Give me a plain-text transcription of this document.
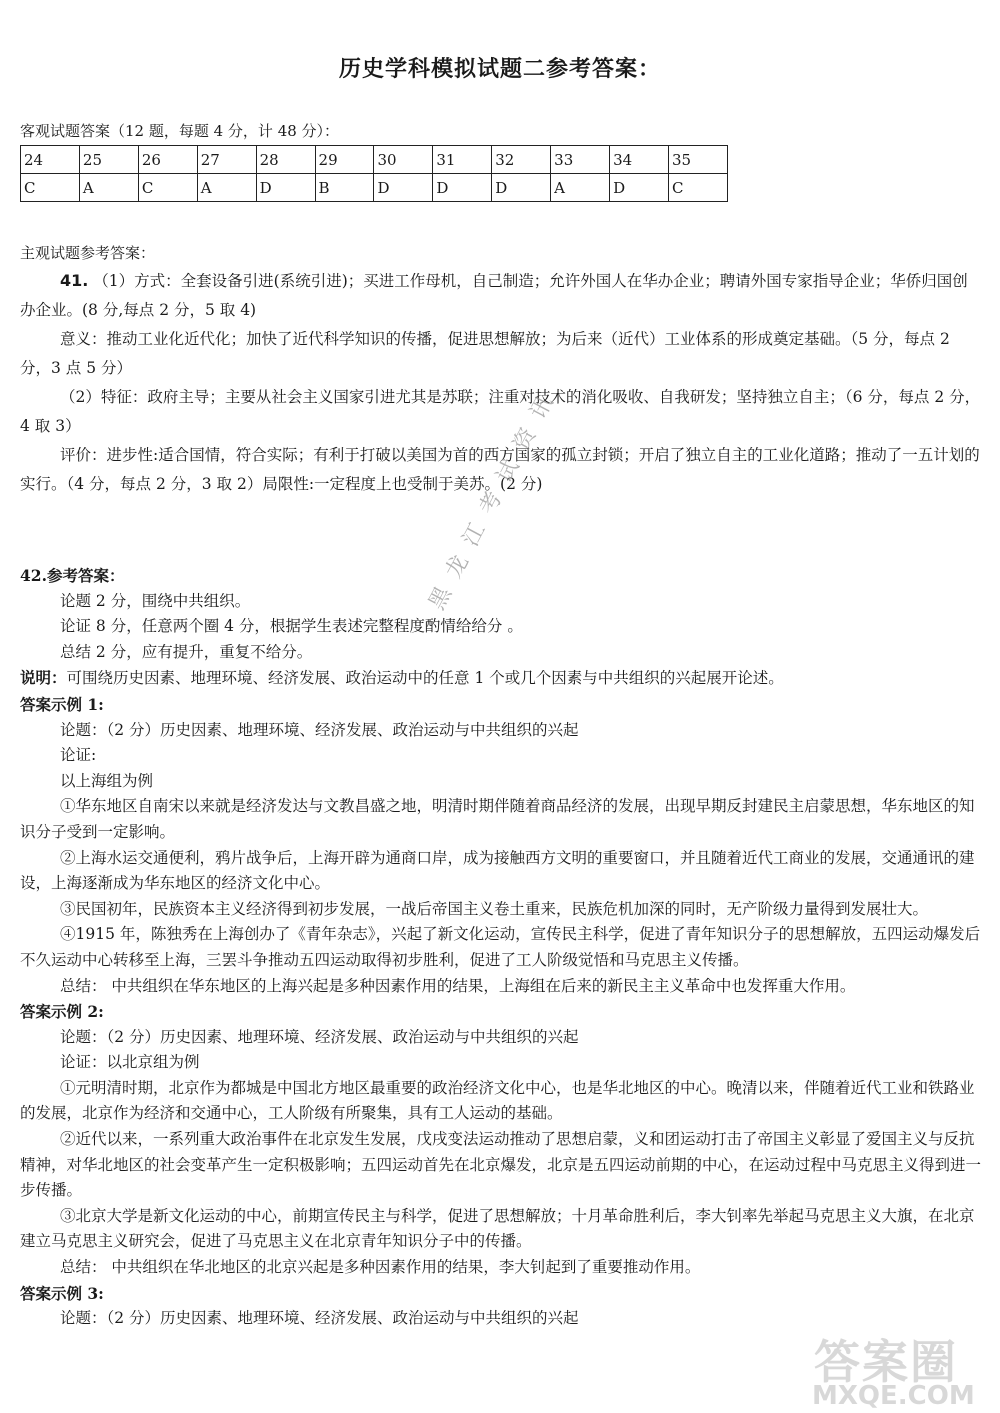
历史学科模拟试题二参考答案：
客观试题答案（12 题，每题 4 分，计 48 分）：
24	25	26	27	28	29	30	31	32	33	34	35
C	A	C	A	D	B	D	D	D	A	D	C
主观试题参考答案：

41. （1）方式：全套设备引进(系统引进)；买进工作母机，自己制造；允许外国人在华办企业；聘请外国专家指导企业；华侨归国创办企业。(8 分,每点 2 分，5 取 4)

意义：推动工业化近代化；加快了近代科学知识的传播，促进思想解放；为后来（近代）工业体系的形成奠定基础。（5 分，每点 2 分，3 点 5 分）

（2）特征：政府主导；主要从社会主义国家引进尤其是苏联；注重对技术的消化吸收、自我研发；坚持独立自主；（6 分，每点 2 分，4 取 3）

评价：进步性:适合国情，符合实际；有利于打破以美国为首的西方国家的孤立封锁；开启了独立自主的工业化道路；推动了一五计划的实行。（4 分，每点 2 分，3 取 2）局限性:一定程度上也受制于美苏。(2 分)

42.参考答案：

论题 2 分，围绕中共组织。

论证 8 分，任意两个圈 4 分，根据学生表述完整程度酌情给给分 。

总结 2 分，应有提升，重复不给分。

说明：可围绕历史因素、地理环境、经济发展、政治运动中的任意 1 个或几个因素与中共组织的兴起展开论述。

答案示例 1:

论题：（2 分）历史因素、地理环境、经济发展、政治运动与中共组织的兴起

论证:

以上海组为例

①华东地区自南宋以来就是经济发达与文教昌盛之地，明清时期伴随着商品经济的发展，出现早期反封建民主启蒙思想，华东地区的知识分子受到一定影响。

②上海水运交通便利，鸦片战争后，上海开辟为通商口岸，成为接触西方文明的重要窗口，并且随着近代工商业的发展，交通通讯的建设，上海逐渐成为华东地区的经济文化中心。

③民国初年，民族资本主义经济得到初步发展，一战后帝国主义卷土重来，民族危机加深的同时，无产阶级力量得到发展壮大。

④1915 年，陈独秀在上海创办了《青年杂志》，兴起了新文化运动，宣传民主科学，促进了青年知识分子的思想解放，五四运动爆发后不久运动中心转移至上海，三罢斗争推动五四运动取得初步胜利，促进了工人阶级觉悟和马克思主义传播。

总结： 中共组织在华东地区的上海兴起是多种因素作用的结果，上海组在后来的新民主主义革命中也发挥重大作用。

答案示例 2:

论题：（2 分）历史因素、地理环境、经济发展、政治运动与中共组织的兴起

论证：以北京组为例

①元明清时期，北京作为都城是中国北方地区最重要的政治经济文化中心，也是华北地区的中心。晚清以来，伴随着近代工业和铁路业的发展，北京作为经济和交通中心，工人阶级有所聚集，具有工人运动的基础。

②近代以来，一系列重大政治事件在北京发生发展，戊戌变法运动推动了思想启蒙，义和团运动打击了帝国主义彰显了爱国主义与反抗精神，对华北地区的社会变革产生一定积极影响；五四运动首先在北京爆发，北京是五四运动前期的中心，在运动过程中马克思主义得到进一步传播。

③北京大学是新文化运动的中心，前期宣传民主与科学，促进了思想解放；十月革命胜利后，李大钊率先举起马克思主义大旗，在北京建立马克思主义研究会，促进了马克思主义在北京青年知识分子中的传播。

总结： 中共组织在华北地区的北京兴起是多种因素作用的结果，李大钊起到了重要推动作用。

答案示例 3:

论题：（2 分）历史因素、地理环境、经济发展、政治运动与中共组织的兴起

黑龙江考试资讯
答案圈
MXQE.COM
